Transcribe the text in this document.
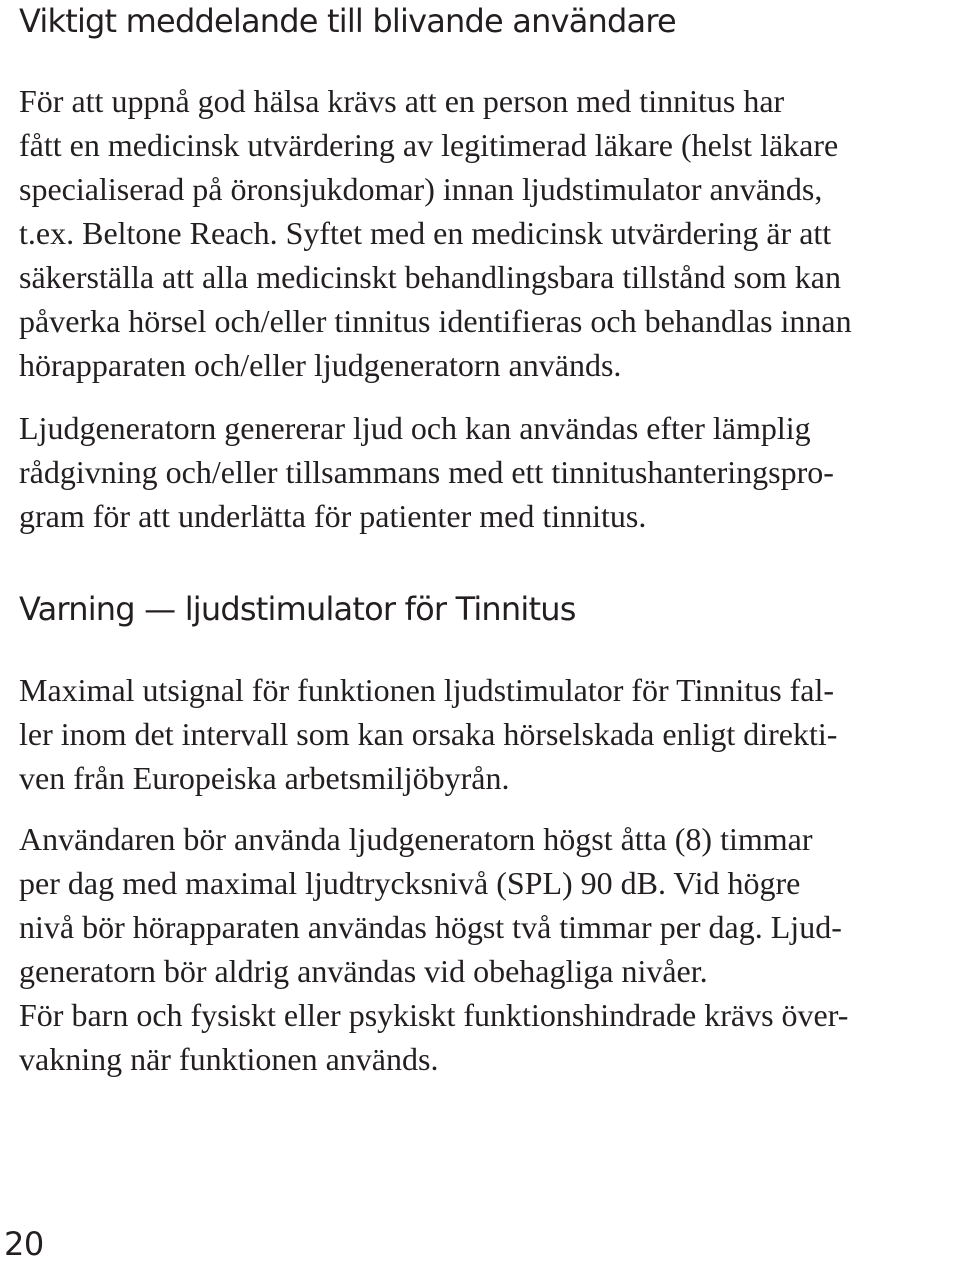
Viktigt meddelande till blivande användare

För att uppnå god hälsa krävs att en person med tinnitus har

fått en medicinsk utvärdering av legitimerad läkare (helst läkare

specialiserad på öronsjukdomar) innan ljudstimulator används,

t.ex. Beltone Reach. Syftet med en medicinsk utvärdering är att

säkerställa att alla medicinskt behandlingsbara tillstånd som kan

påverka hörsel och/eller tinnitus identifieras och behandlas innan

hörapparaten och/eller ljudgeneratorn används.

Ljudgeneratorn genererar ljud och kan användas efter lämplig

rådgivning och/eller tillsammans med ett tinnitushanteringspro-

gram för att underlätta för patienter med tinnitus.

Varning — ljudstimulator för Tinnitus

Maximal utsignal för funktionen ljudstimulator för Tinnitus fal-

ler inom det intervall som kan orsaka hörselskada enligt direkti-

ven från Europeiska arbetsmiljöbyrån.

Användaren bör använda ljudgeneratorn högst åtta (8) timmar

per dag med maximal ljudtrycksnivå (SPL) 90 dB. Vid högre

nivå bör hörapparaten användas högst två timmar per dag. Ljud-

generatorn bör aldrig användas vid obehagliga nivåer.

För barn och fysiskt eller psykiskt funktionshindrade krävs över-

vakning när funktionen används.

20
